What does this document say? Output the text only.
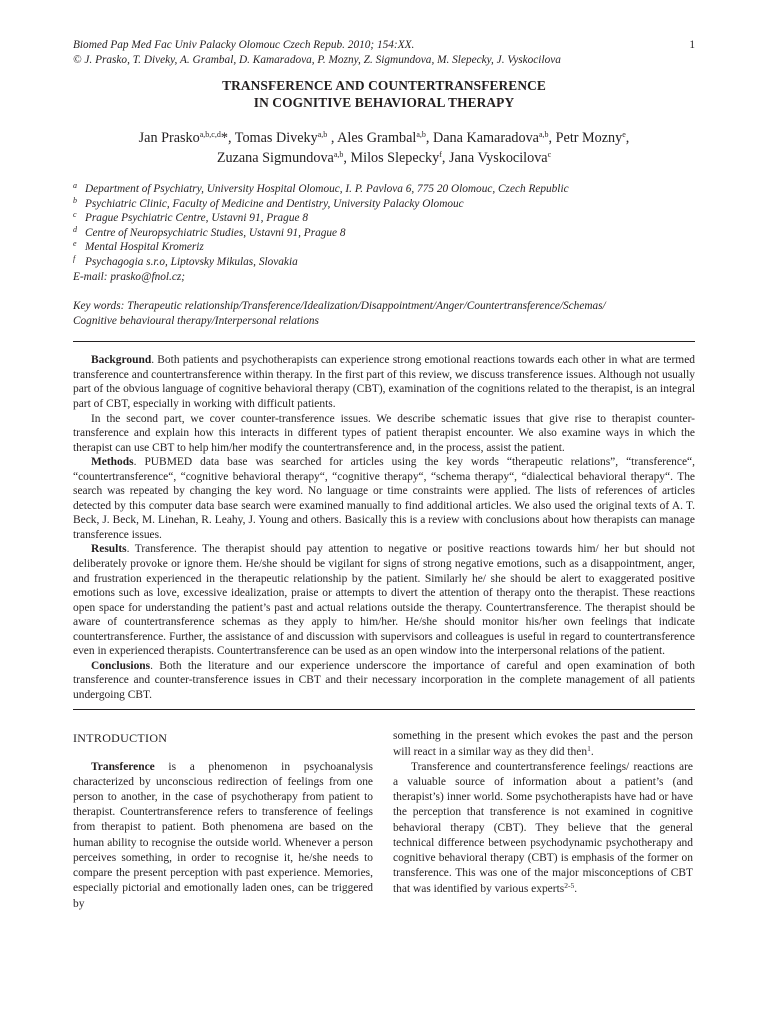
Biomed Pap Med Fac Univ Palacky Olomouc Czech Repub. 2010; 154:XX.
© J. Prasko, T. Diveky, A. Grambal, D. Kamaradova, P. Mozny, Z. Sigmundova, M. Slepecky, J. Vyskocilova
1
TRANSFERENCE AND COUNTERTRANSFERENCE
IN COGNITIVE BEHAVIORAL THERAPY
Jan Prasko$^{a,b,c,d}$*, Tomas Diveky$^{a,b}$ , Ales Grambal$^{a,b}$, Dana Kamaradova$^{a,b}$, Petr Mozny$^e$,
Zuzana Sigmundova$^{a,b}$, Milos Slepecky$^f$, Jana Vyskocilova$^c$
a Department of Psychiatry, University Hospital Olomouc, I. P. Pavlova 6, 775 20 Olomouc, Czech Republic
b Psychiatric Clinic, Faculty of Medicine and Dentistry, University Palacky Olomouc
c Prague Psychiatric Centre, Ustavni 91, Prague 8
d Centre of Neuropsychiatric Studies, Ustavni 91, Prague 8
e Mental Hospital Kromeriz
f Psychagogia s.r.o, Liptovsky Mikulas, Slovakia
E-mail: prasko@fnol.cz;
Key words: Therapeutic relationship/Transference/Idealization/Disappointment/Anger/Countertransference/Schemas/
Cognitive behavioural therapy/Interpersonal relations

Background. Both patients and psychotherapists can experience strong emotional reactions towards each other in what are termed transference and countertransference within therapy. In the first part of this review, we discuss transference issues. Although not usually part of the obvious language of cognitive behavioral therapy (CBT), examination of the cognitions related to the therapist, is an integral part of CBT, especially in working with difficult patients.

In the second part, we cover counter-transference issues. We describe schematic issues that give rise to therapist counter-transference and explain how this interacts in different types of patient therapist encounter. We also examine ways in which the therapist can use CBT to help him/her modify the countertransference and, in the process, assist the patient.

Methods. PUBMED data base was searched for articles using the key words “therapeutic relations”, “transference“, “countertransference“, “cognitive behavioral therapy“, “cognitive therapy“, “schema therapy“, “dialectical behavioral therapy“. The search was repeated by changing the key word. No language or time constraints were applied. The lists of references of articles detected by this computer data base search were examined manually to find additional articles. We also used the original texts of A. T. Beck, J. Beck, M. Linehan, R. Leahy, J. Young and others. Basically this is a review with conclusions about how therapists can manage transference issues.

Results. Transference. The therapist should pay attention to negative or positive reactions towards him/ her but should not deliberately provoke or ignore them. He/she should be vigilant for signs of strong negative emotions, such as a disappointment, anger, and frustration experienced in the therapeutic relationship by the patient. Similarly he/ she should be alert to exaggerated positive emotions such as love, excessive idealization, praise or attempts to divert the attention of therapy onto the therapist. These reactions open space for understanding the patient’s past and actual relations outside the therapy. Countertransference. The therapist should be aware of countertransference schemas as they apply to him/her. He/she should monitor his/her own feelings that indicate countertransference. Further, the assistance of and discussion with supervisors and colleagues is useful in regard to countertransference even in experienced therapists. Countertransference can be used as an open window into the interpersonal relations of the patient.

Conclusions. Both the literature and our experience underscore the importance of careful and open examination of both transference and counter-transference issues in CBT and their necessary incorporation in the complete management of all patients undergoing CBT.

INTRODUCTION

Transference is a phenomenon in psychoanalysis characterized by unconscious redirection of feelings from one person to another, in the case of psychotherapy from patient to therapist. Countertransference refers to transference of feelings from therapist to patient. Both phenomena are based on the human ability to recognise the outside world. Whenever a person perceives something, in order to recognise it, he/she needs to compare the present perception with past experience. Memories, especially pictorial and emotionally laden ones, can be triggered by

something in the present which evokes the past and the person will react in a similar way as they did then$^1$.

Transference and countertransference feelings/ reactions are a valuable source of information about a patient’s (and therapist’s) inner world. Some psychotherapists have had or have the perception that transference is not examined in cognitive behavioral therapy (CBT). They believe that the general technical difference between psychodynamic psychotherapy and cognitive behavioral therapy (CBT) is emphasis of the former on transference. This was one of the major misconceptions of CBT that was identified by various experts$^{2-5}$.
